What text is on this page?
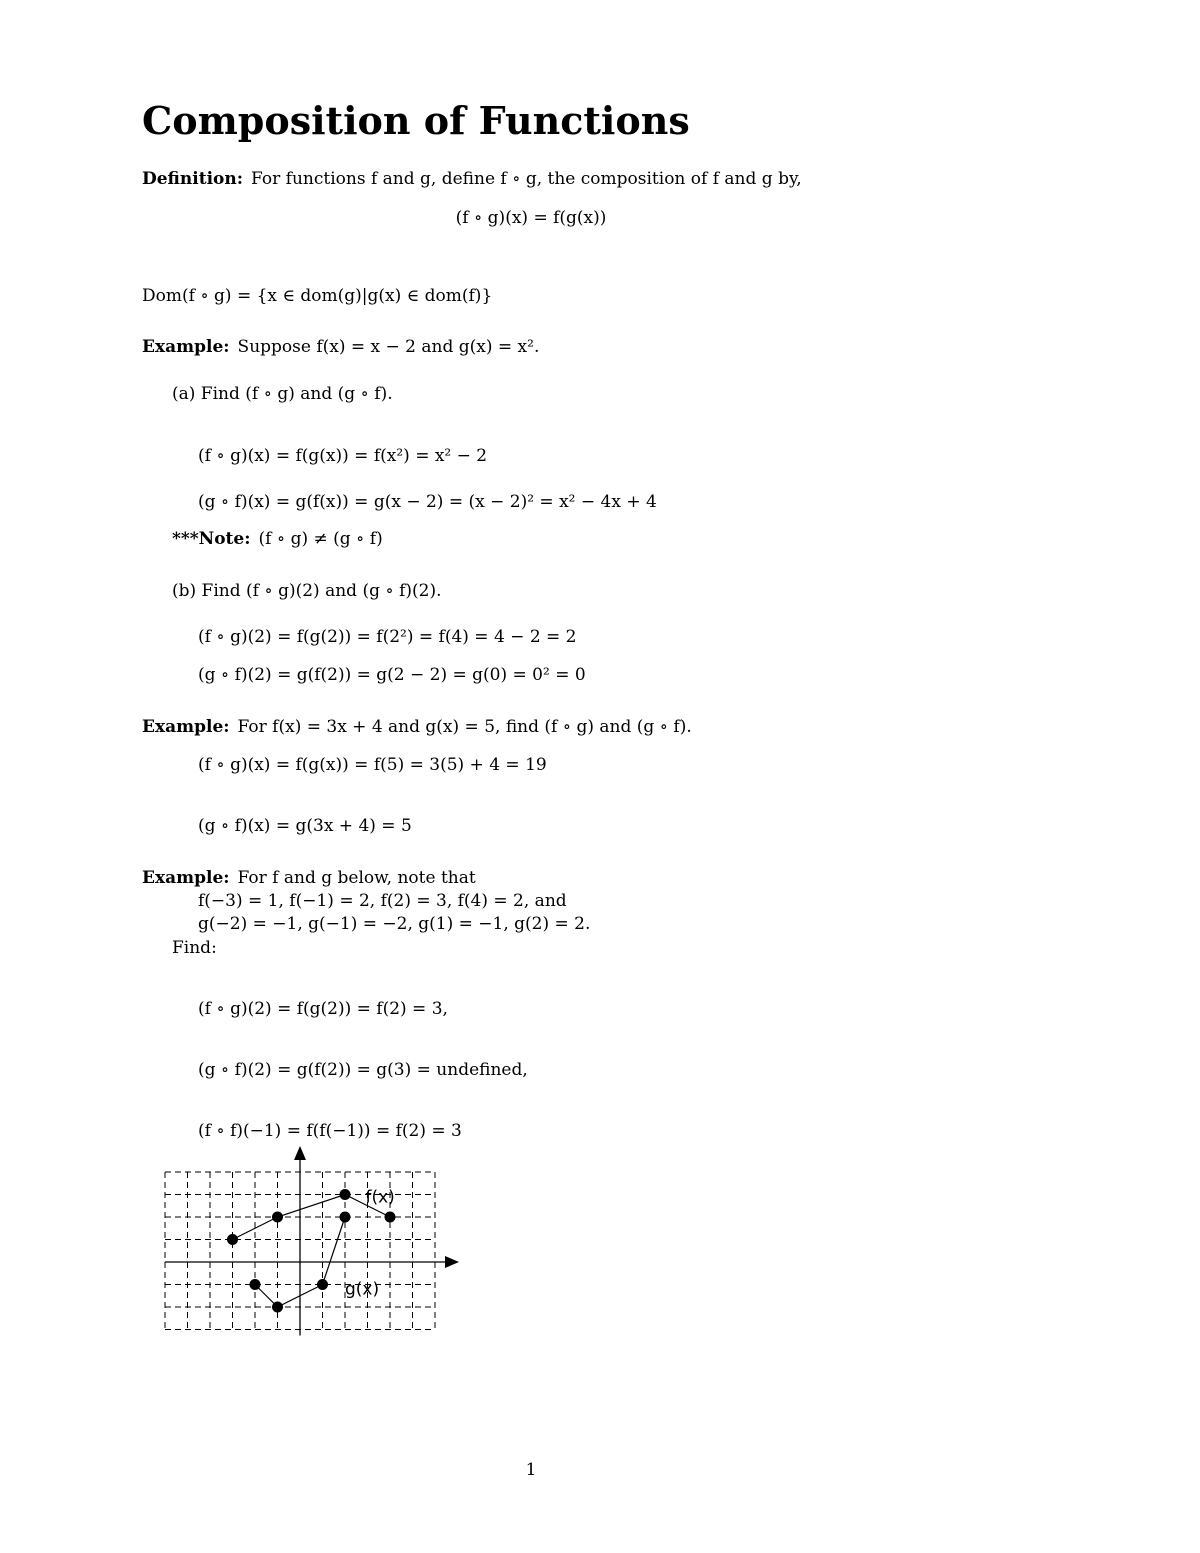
Composition of Functions
Definition: For functions f and g, define f ∘ g, the composition of f and g by,
(f ∘ g)(x) = f(g(x))
Dom(f ∘ g) = {x ∈ dom(g)|g(x) ∈ dom(f)}
Example: Suppose f(x) = x − 2 and g(x) = x².
(a) Find (f ∘ g) and (g ∘ f).
(f ∘ g)(x) = f(g(x)) = f(x²) = x² − 2
(g ∘ f)(x) = g(f(x)) = g(x − 2) = (x − 2)² = x² − 4x + 4
***Note: (f ∘ g) ≠ (g ∘ f)
(b) Find (f ∘ g)(2) and (g ∘ f)(2).
(f ∘ g)(2) = f(g(2)) = f(2²) = f(4) = 4 − 2 = 2
(g ∘ f)(2) = g(f(2)) = g(2 − 2) = g(0) = 0² = 0
Example: For f(x) = 3x + 4 and g(x) = 5, find (f ∘ g) and (g ∘ f).
(f ∘ g)(x) = f(g(x)) = f(5) = 3(5) + 4 = 19
(g ∘ f)(x) = g(3x + 4) = 5
Example: For f and g below, note that
f(−3) = 1, f(−1) = 2, f(2) = 3, f(4) = 2, and
g(−2) = −1, g(−1) = −2, g(1) = −1, g(2) = 2.
Find:
(f ∘ g)(2) = f(g(2)) = f(2) = 3,
(g ∘ f)(2) = g(f(2)) = g(3) = undefined,
(f ∘ f)(−1) = f(f(−1)) = f(2) = 3
f(x)
g(x)
1
